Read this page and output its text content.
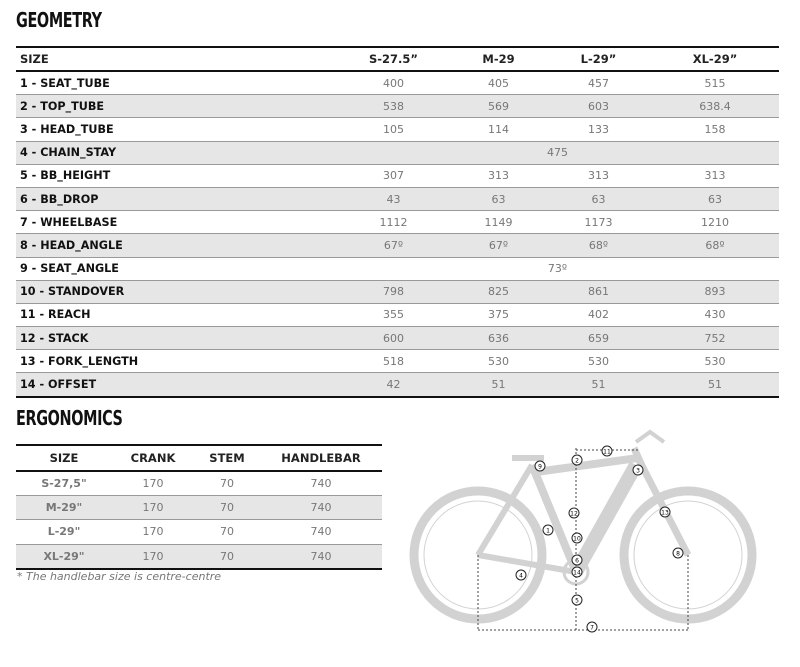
GEOMETRY
SIZE	S-27.5”	M-29	L-29”	XL-29”
1 - SEAT_TUBE	400	405	457	515
2 - TOP_TUBE	538	569	603	638.4
3 - HEAD_TUBE	105	114	133	158
4 - CHAIN_STAY	475			
5 - BB_HEIGHT	307	313	313	313
6 - BB_DROP	43	63	63	63
7 - WHEELBASE	1112	1149	1173	1210
8 - HEAD_ANGLE	67º	67º	68º	68º
9 - SEAT_ANGLE	73º			
10 - STANDOVER	798	825	861	893
11 - REACH	355	375	402	430
12 - STACK	600	636	659	752
13 - FORK_LENGTH	518	530	530	530
14 - OFFSET	42	51	51	51
ERGONOMICS
SIZE	CRANK	STEM	HANDLEBAR
S-27,5"	170	70	740
M-29"	170	70	740
L-29"	170	70	740
XL-29"	170	70	740
* The handlebar size is centre-centre
1
2
3
4
5
6
7
8
9
10
11
12	13
14
